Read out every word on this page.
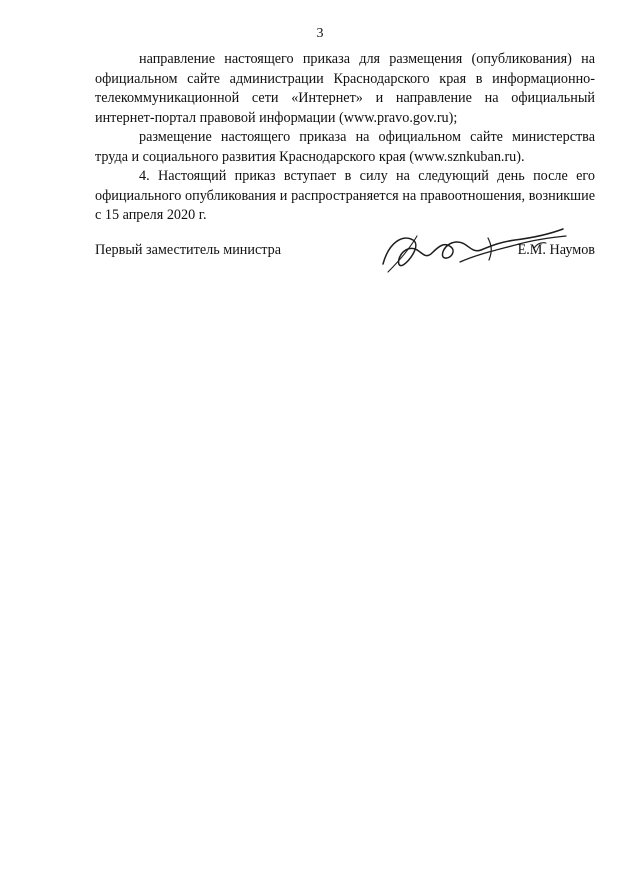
3

направление настоящего приказа для размещения (опубликования) на официальном сайте администрации Краснодарского края в информационно-телекоммуникационной сети «Интернет» и направление на официальный интернет-портал правовой информации (www.pravo.gov.ru);

размещение настоящего приказа на официальном сайте министерства труда и социального развития Краснодарского края (www.sznkuban.ru).

4. Настоящий приказ вступает в силу на следующий день после его официального опубликования и распространяется на правоотношения, возникшие с 15 апреля 2020 г.

Первый заместитель министра	Е.М. Наумов
